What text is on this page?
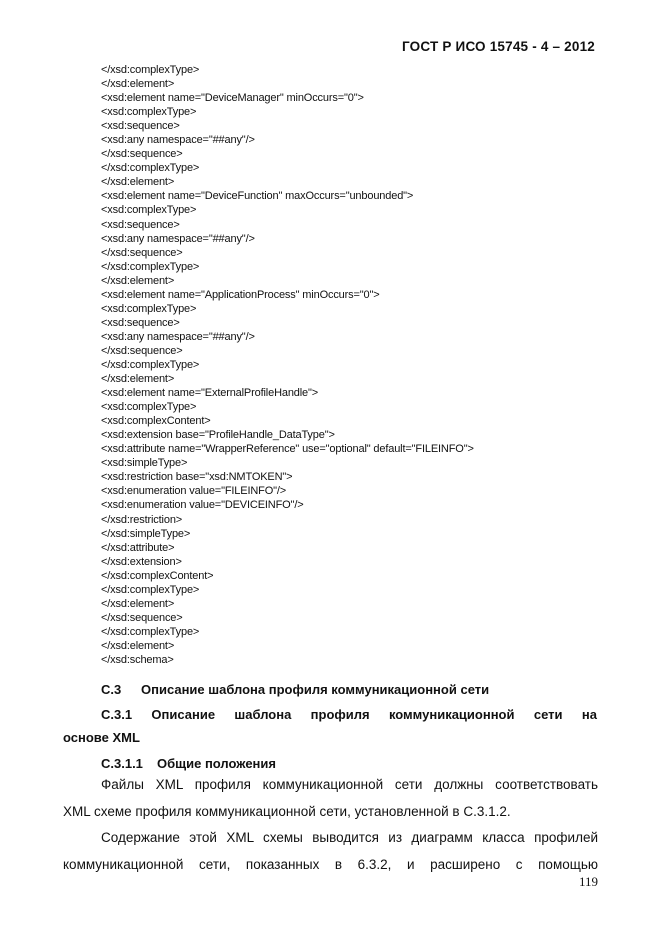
ГОСТ Р ИСО 15745 - 4 – 2012
</xsd:complexType>
</xsd:element>
<xsd:element name="DeviceManager" minOccurs="0">
<xsd:complexType>
<xsd:sequence>
<xsd:any namespace="##any"/>
</xsd:sequence>
</xsd:complexType>
</xsd:element>
<xsd:element name="DeviceFunction" maxOccurs="unbounded">
<xsd:complexType>
<xsd:sequence>
<xsd:any namespace="##any"/>
</xsd:sequence>
</xsd:complexType>
</xsd:element>
<xsd:element name="ApplicationProcess" minOccurs="0">
<xsd:complexType>
<xsd:sequence>
<xsd:any namespace="##any"/>
</xsd:sequence>
</xsd:complexType>
</xsd:element>
<xsd:element name="ExternalProfileHandle">
<xsd:complexType>
<xsd:complexContent>
<xsd:extension base="ProfileHandle_DataType">
<xsd:attribute name="WrapperReference" use="optional" default="FILEINFO">
<xsd:simpleType>
<xsd:restriction base="xsd:NMTOKEN">
<xsd:enumeration value="FILEINFO"/>
<xsd:enumeration value="DEVICEINFO"/>
</xsd:restriction>
</xsd:simpleType>
</xsd:attribute>
</xsd:extension>
</xsd:complexContent>
</xsd:complexType>
</xsd:element>
</xsd:sequence>
</xsd:complexType>
</xsd:element>
</xsd:schema>
C.3 Описание шаблона профиля коммуникационной сети
C.3.1 Описание шаблона профиля коммуникационной сети на
основе XML
C.3.1.1 Общие положения
Файлы XML профиля коммуникационной сети должны соответствовать
XML схеме профиля коммуникационной сети, установленной в C.3.1.2.
Содержание этой XML схемы выводится из диаграмм класса профилей
коммуникационной сети, показанных в 6.3.2, и расширено с помощью
119
